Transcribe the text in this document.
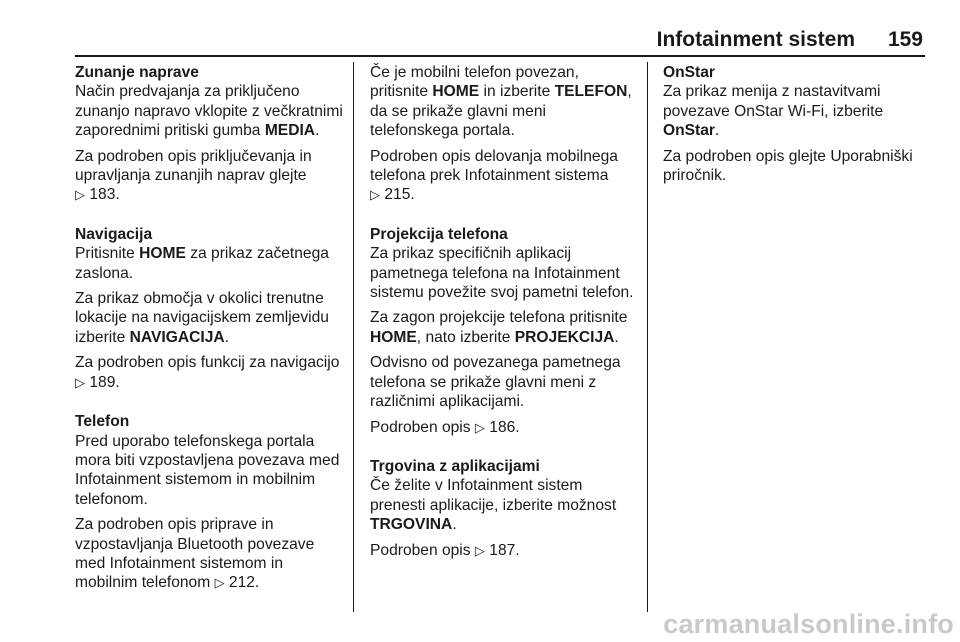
Infotainment sistem 159
Zunanje naprave

Način predvajanja za priključeno zunanjo napravo vklopite z večkratnimi zaporednimi pritiski gumba MEDIA.

Za podroben opis priključevanja in upravljanja zunanjih naprav glejte
▷ 183.

Navigacija

Pritisnite HOME za prikaz začetnega zaslona.

Za prikaz območja v okolici trenutne lokacije na navigacijskem zemljevidu izberite NAVIGACIJA.

Za podroben opis funkcij za navigacijo ▷ 189.

Telefon

Pred uporabo telefonskega portala mora biti vzpostavljena povezava med Infotainment sistemom in mobilnim telefonom.

Za podroben opis priprave in vzpostavljanja Bluetooth povezave med Infotainment sistemom in mobilnim telefonom ▷ 212.

Če je mobilni telefon povezan, pritisnite HOME in izberite TELEFON, da se prikaže glavni meni telefonskega portala.

Podroben opis delovanja mobilnega telefona prek Infotainment sistema
▷ 215.

Projekcija telefona

Za prikaz specifičnih aplikacij pametnega telefona na Infotainment sistemu povežite svoj pametni telefon.

Za zagon projekcije telefona pritisnite HOME, nato izberite PROJEKCIJA.

Odvisno od povezanega pametnega telefona se prikaže glavni meni z različnimi aplikacijami.

Podroben opis ▷ 186.

Trgovina z aplikacijami

Če želite v Infotainment sistem prenesti aplikacije, izberite možnost TRGOVINA.

Podroben opis ▷ 187.

OnStar

Za prikaz menija z nastavitvami povezave OnStar Wi-Fi, izberite OnStar.

Za podroben opis glejte Uporabniški priročnik.

carmanualsonline.info
